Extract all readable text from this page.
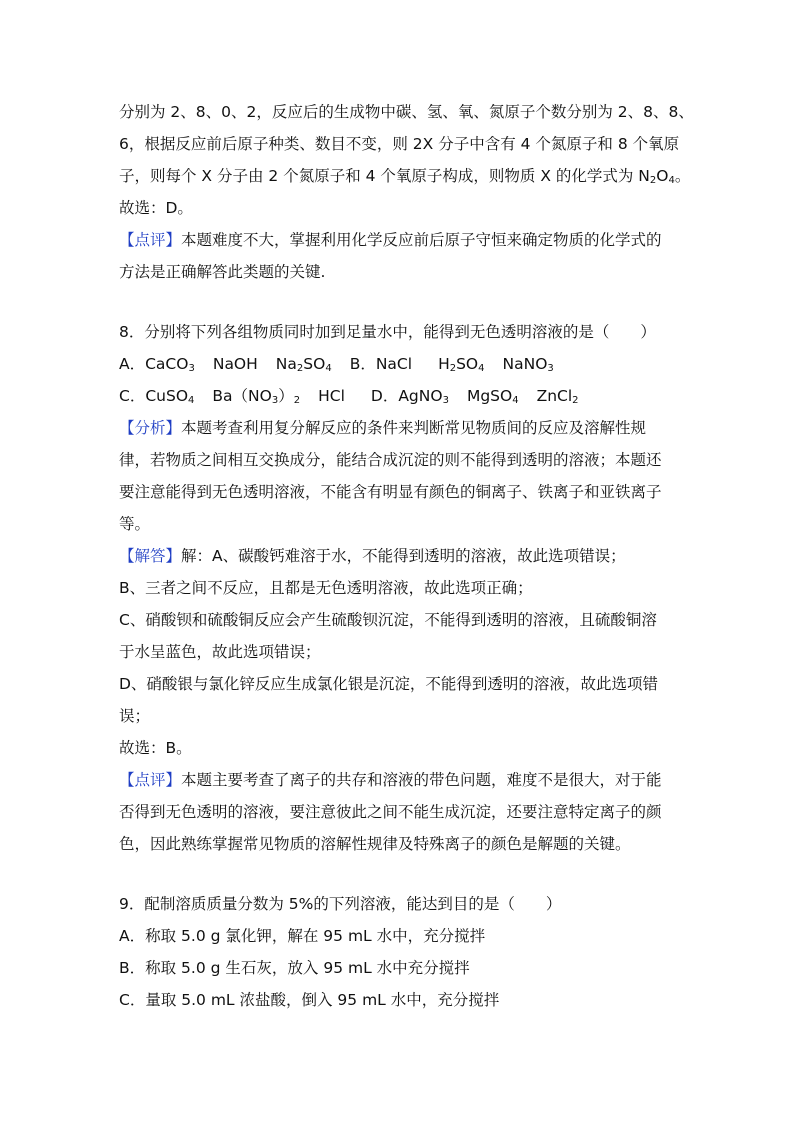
分别为 2、8、0、2，反应后的生成物中碳、氢、氧、氮原子个数分别为 2、8、8、
6，根据反应前后原子种类、数目不变，则 2X 分子中含有 4 个氮原子和 8 个氧原
子，则每个 X 分子由 2 个氮原子和 4 个氧原子构成，则物质 X 的化学式为 $N_2O_4$。
故选：D。
【点评】本题难度不大，掌握利用化学反应前后原子守恒来确定物质的化学式的
方法是正确解答此类题的关键.
8．分别将下列各组物质同时加到足量水中，能得到无色透明溶液的是（　　）
A．CaCO$_3$ NaOH $Na_2SO_4$ B．NaCl $H_2SO_4$ NaNO$_3$
C．CuSO$_4$ $Ba(NO_3)_2$ HCl D．AgNO$_3$ MgSO$_4$ ZnCl$_2$
【分析】本题考查利用复分解反应的条件来判断常见物质间的反应及溶解性规
律，若物质之间相互交换成分，能结合成沉淀的则不能得到透明的溶液；本题还
要注意能得到无色透明溶液，不能含有明显有颜色的铜离子、铁离子和亚铁离子
等。
【解答】解：A、碳酸钙难溶于水，不能得到透明的溶液，故此选项错误；
B、三者之间不反应，且都是无色透明溶液，故此选项正确；
C、硝酸钡和硫酸铜反应会产生硫酸钡沉淀，不能得到透明的溶液，且硫酸铜溶
于水呈蓝色，故此选项错误；
D、硝酸银与氯化锌反应生成氯化银是沉淀，不能得到透明的溶液，故此选项错
误；
故选：B。
【点评】本题主要考查了离子的共存和溶液的带色问题，难度不是很大，对于能
否得到无色透明的溶液，要注意彼此之间不能生成沉淀，还要注意特定离子的颜
色，因此熟练掌握常见物质的溶解性规律及特殊离子的颜色是解题的关键。
9．配制溶质质量分数为 5%的下列溶液，能达到目的是（　　）
A．称取 5.0 g 氯化钾，解在 95 mL 水中，充分搅拌
B．称取 5.0 g 生石灰，放入 95 mL 水中充分搅拌
C．量取 5.0 mL 浓盐酸，倒入 95 mL 水中，充分搅拌
